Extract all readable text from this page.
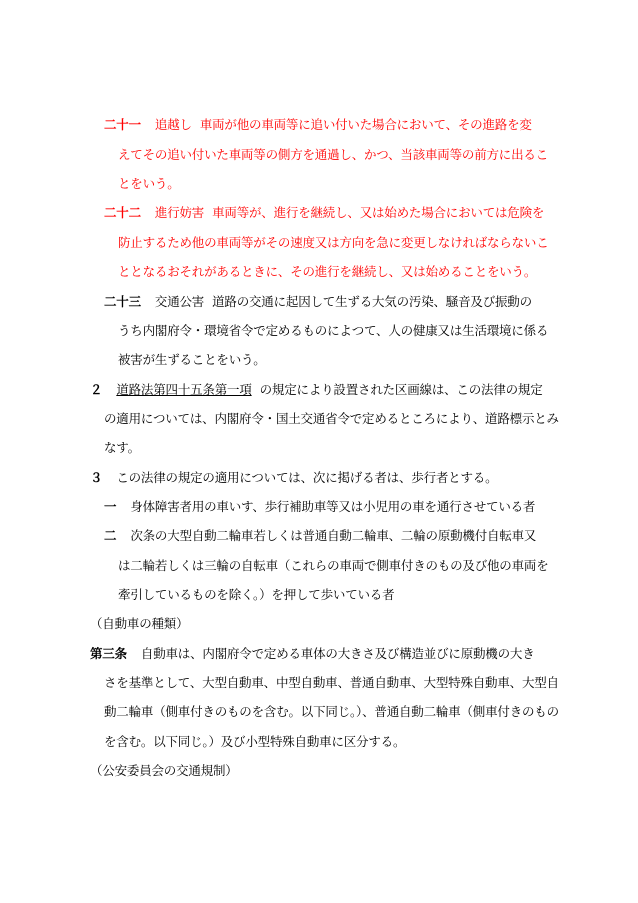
二十一 追越し 車両が他の車両等に追い付いた場合において、その進路を変
えてその追い付いた車両等の側方を通過し、かつ、当該車両等の前方に出るこ
とをいう。
二十二 進行妨害 車両等が、進行を継続し、又は始めた場合においては危険を
防止するため他の車両等がその速度又は方向を急に変更しなければならないこ
ととなるおそれがあるときに、その進行を継続し、又は始めることをいう。
二十三 交通公害 道路の交通に起因して生ずる大気の汚染、騒音及び振動の
うち内閣府令・環境省令で定めるものによつて、人の健康又は生活環境に係る
被害が生ずることをいう。
２ 道路法第四十五条第一項 の規定により設置された区画線は、この法律の規定
の適用については、内閣府令・国土交通省令で定めるところにより、道路標示とみ
なす。
３ この法律の規定の適用については、次に掲げる者は、歩行者とする。
一 身体障害者用の車いす、歩行補助車等又は小児用の車を通行させている者
二 次条の大型自動二輪車若しくは普通自動二輪車、二輪の原動機付自転車又
は二輪若しくは三輪の自転車（これらの車両で側車付きのもの及び他の車両を
牽引しているものを除く。）を押して歩いている者
（自動車の種類）
第三条 自動車は、内閣府令で定める車体の大きさ及び構造並びに原動機の大き
さを基準として、大型自動車、中型自動車、普通自動車、大型特殊自動車、大型自
動二輪車（側車付きのものを含む。以下同じ。）、普通自動二輪車（側車付きのもの
を含む。以下同じ。）及び小型特殊自動車に区分する。
（公安委員会の交通規制）
